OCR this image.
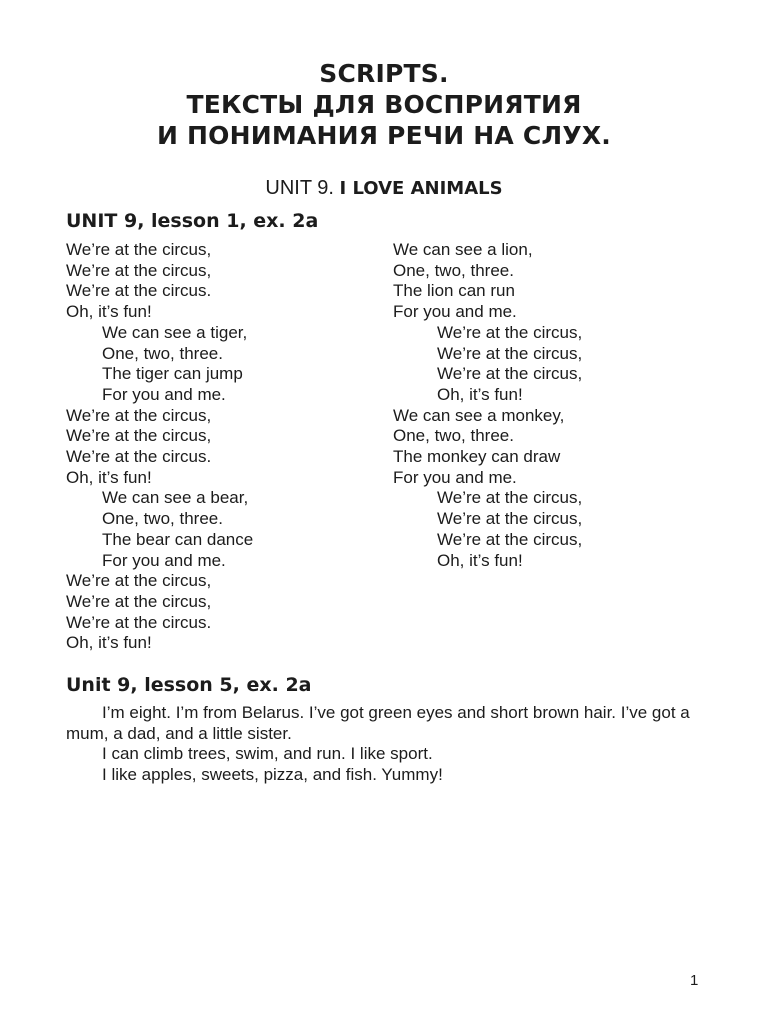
SCRIPTS.
ТЕКСТЫ ДЛЯ ВОСПРИЯТИЯ
И ПОНИМАНИЯ РЕЧИ НА СЛУХ.
UNIT 9. I LOVE ANIMALS
UNIT 9, lesson 1, ex. 2a
We’re at the circus,
We’re at the circus,
We’re at the circus.
Oh, it’s fun!
We can see a tiger,
One, two, three.
The tiger can jump
For you and me.
We’re at the circus,
We’re at the circus,
We’re at the circus.
Oh, it’s fun!
We can see a bear,
One, two, three.
The bear can dance
For you and me.
We’re at the circus,
We’re at the circus,
We’re at the circus.
Oh, it’s fun!
We can see a lion,
One, two, three.
The lion can run
For you and me.
We’re at the circus,
We’re at the circus,
We’re at the circus,
Oh, it’s fun!
We can see a monkey,
One, two, three.
The monkey can draw
For you and me.
We’re at the circus,
We’re at the circus,
We’re at the circus,
Oh, it’s fun!
Unit 9, lesson 5, ex. 2a

I’m eight. I’m from Belarus. I’ve got green eyes and short brown hair. I’ve got a mum, a dad, and a little sister.

I can climb trees, swim, and run. I like sport.

I like apples, sweets, pizza, and fish. Yummy!

1
